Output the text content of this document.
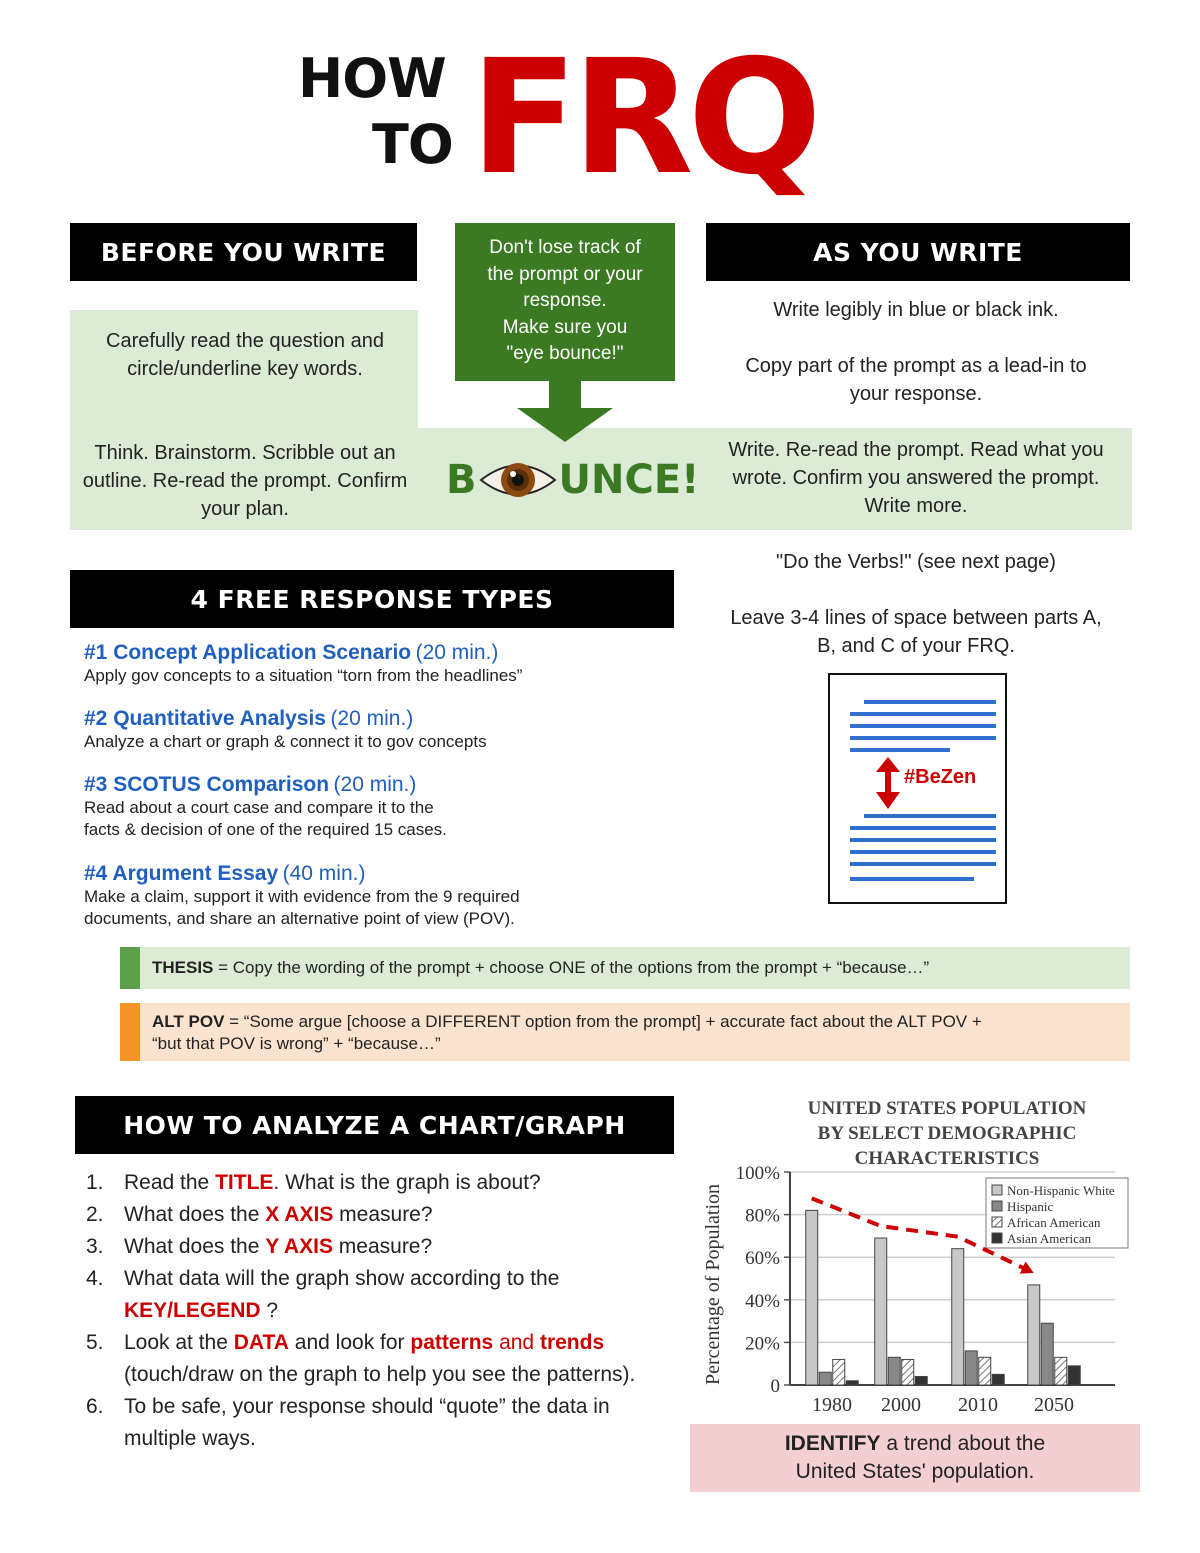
HOW
TO FRQ
BEFORE YOU WRITE
Carefully read the question and circle/underline key words.
Think. Brainstorm. Scribble out an outline. Re-read the prompt. Confirm your plan.
Don't lose track of
the prompt or your
response.
Make sure you
"eye bounce!"
B UNCE!
AS YOU WRITE
Write legibly in blue or black ink.
Copy part of the prompt as a lead-in to your response.
Write. Re-read the prompt. Read what you wrote. Confirm you answered the prompt. Write more.
"Do the Verbs!" (see next page)
Leave 3-4 lines of space between parts A, B, and C of your FRQ.
#BeZen
4 FREE RESPONSE TYPES
#1 Concept Application Scenario (20 min.)
Apply gov concepts to a situation “torn from the headlines”
#2 Quantitative Analysis (20 min.)
Analyze a chart or graph & connect it to gov concepts
#3 SCOTUS Comparison (20 min.)
Read about a court case and compare it to the
facts & decision of one of the required 15 cases.
#4 Argument Essay (40 min.)
Make a claim, support it with evidence from the 9 required
documents, and share an alternative point of view (POV).
THESIS = Copy the wording of the prompt + choose ONE of the options from the prompt + “because…”
ALT POV = “Some argue [choose a DIFFERENT option from the prompt] + accurate fact about the ALT POV +
“but that POV is wrong” + “because…”
HOW TO ANALYZE A CHART/GRAPH
1. Read the TITLE. What is the graph is about?
2. What does the X AXIS measure?
3. What does the Y AXIS measure?
4. What data will the graph show according to the KEY/LEGEND ?
5. Look at the DATA and look for patterns and trends (touch/draw on the graph to help you see the patterns).
6. To be safe, your response should “quote” the data in multiple ways.
UNITED STATES POPULATION
BY SELECT DEMOGRAPHIC
CHARACTERISTICS
0
20%
40%
60%
80%
100%
Percentage of Population
1980 2000 2010 2050
Non-Hispanic White
Hispanic
African American
Asian American
IDENTIFY a trend about the
United States' population.
